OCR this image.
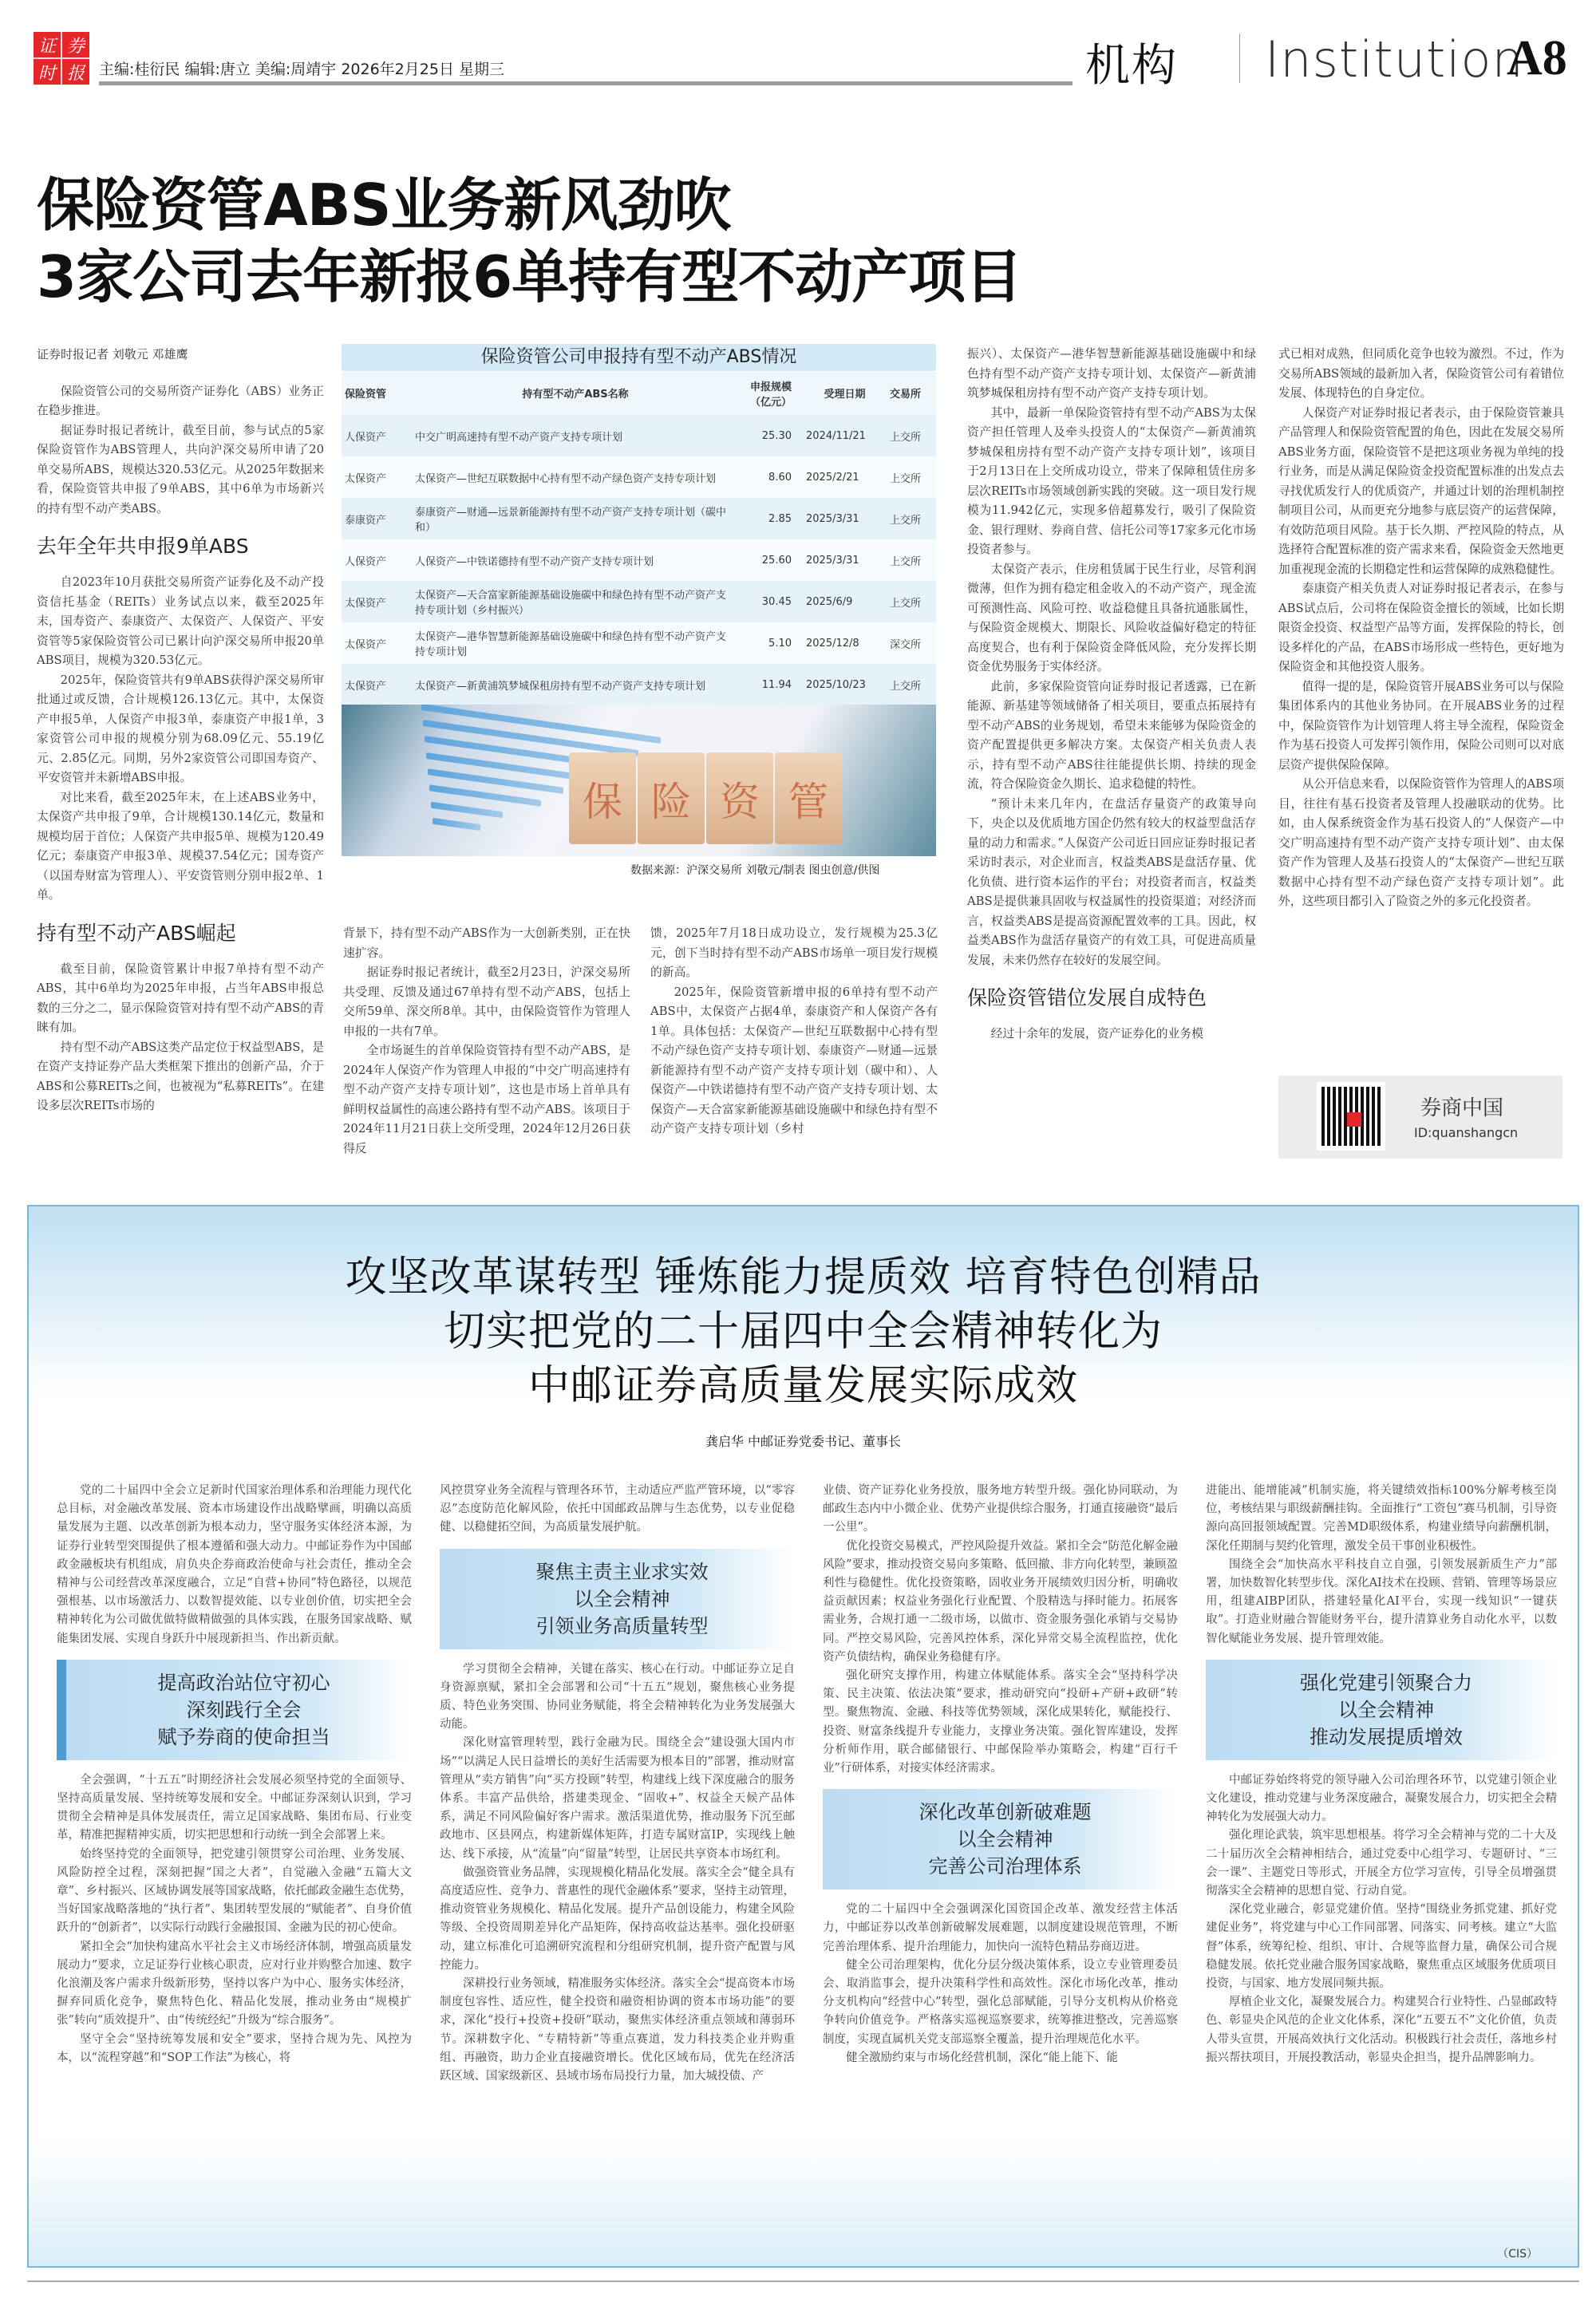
证 券
时 报 主编:桂衍民 编辑:唐立 美编:周靖宇 2026年2月25日 星期三	机构 Institution
A8
保险资管ABS业务新风劲吹
3家公司去年新报6单持有型不动产项目

证券时报记者 刘敬元 邓雄鹰

保险资管公司的交易所资产证券化（ABS）业务正在稳步推进。

据证券时报记者统计，截至目前，参与试点的5家保险资管作为ABS管理人，共向沪深交易所申请了20单交易所ABS，规模达320.53亿元。从2025年数据来看，保险资管共申报了9单ABS，其中6单为市场新兴的持有型不动产类ABS。

去年全年共申报9单ABS

自2023年10月获批交易所资产证券化及不动产投资信托基金（REITs）业务试点以来，截至2025年末，国寿资产、泰康资产、太保资产、人保资产、平安资管等5家保险资管公司已累计向沪深交易所申报20单ABS项目，规模为320.53亿元。

2025年，保险资管共有9单ABS获得沪深交易所审批通过或反馈，合计规模126.13亿元。其中，太保资产申报5单，人保资产申报3单，泰康资产申报1单，3家资管公司申报的规模分别为68.09亿元、55.19亿元、2.85亿元。同期，另外2家资管公司即国寿资产、平安资管并未新增ABS申报。

对比来看，截至2025年末，在上述ABS业务中，太保资产共申报了9单，合计规模130.14亿元，数量和规模均居于首位；人保资产共申报5单、规模为120.49亿元；泰康资产申报3单、规模37.54亿元；国寿资产（以国寿财富为管理人）、平安资管则分别申报2单、1单。

持有型不动产ABS崛起

截至目前，保险资管累计申报7单持有型不动产ABS，其中6单均为2025年申报，占当年ABS申报总数的三分之二，显示保险资管对持有型不动产ABS的青睐有加。

持有型不动产ABS这类产品定位于权益型ABS，是在资产支持证券产品大类框架下推出的创新产品，介于ABS和公募REITs之间，也被视为“私募REITs”。在建设多层次REITs市场的

保险资管公司申报持有型不动产ABS情况
保险资管	持有型不动产ABS名称	申报规模（亿元）	受理日期	交易所
人保资产	中交广明高速持有型不动产资产支持专项计划	25.30	2024/11/21	上交所
太保资产	太保资产—世纪互联数据中心持有型不动产绿色资产支持专项计划	8.60	2025/2/21	上交所
泰康资产	泰康资产—财通—远景新能源持有型不动产资产支持专项计划（碳中和）	2.85	2025/3/31	上交所
人保资产	人保资产—中铁诺德持有型不动产资产支持专项计划	25.60	2025/3/31	上交所
太保资产	太保资产—天合富家新能源基础设施碳中和绿色持有型不动产资产支持专项计划（乡村振兴）	30.45	2025/6/9	上交所
太保资产	太保资产—港华智慧新能源基础设施碳中和绿色持有型不动产资产支持专项计划	5.10	2025/12/8	深交所
太保资产	太保资产—新黄浦筑梦城保租房持有型不动产资产支持专项计划	11.94	2025/10/23	上交所
保 险 资 管
数据来源：沪深交易所 刘敬元/制表 图虫创意/供图

背景下，持有型不动产ABS作为一大创新类别，正在快速扩容。

据证券时报记者统计，截至2月23日，沪深交易所共受理、反馈及通过67单持有型不动产ABS，包括上交所59单、深交所8单。其中，由保险资管作为管理人申报的一共有7单。

全市场诞生的首单保险资管持有型不动产ABS，是2024年人保资产作为管理人申报的“中交广明高速持有型不动产资产支持专项计划”，这也是市场上首单具有鲜明权益属性的高速公路持有型不动产ABS。该项目于2024年11月21日获上交所受理，2024年12月26日获得反

馈，2025年7月18日成功设立，发行规模为25.3亿元，创下当时持有型不动产ABS市场单一项目发行规模的新高。

2025年，保险资管新增申报的6单持有型不动产ABS中，太保资产占据4单，泰康资产和人保资产各有1单。具体包括：太保资产—世纪互联数据中心持有型不动产绿色资产支持专项计划、泰康资产—财通—远景新能源持有型不动产资产支持专项计划（碳中和）、人保资产—中铁诺德持有型不动产资产支持专项计划、太保资产—天合富家新能源基础设施碳中和绿色持有型不动产资产支持专项计划（乡村

振兴）、太保资产—港华智慧新能源基础设施碳中和绿色持有型不动产资产支持专项计划、太保资产—新黄浦筑梦城保租房持有型不动产资产支持专项计划。

其中，最新一单保险资管持有型不动产ABS为太保资产担任管理人及牵头投资人的“太保资产—新黄浦筑梦城保租房持有型不动产资产支持专项计划”，该项目于2月13日在上交所成功设立，带来了保障租赁住房多层次REITs市场领域创新实践的突破。这一项目发行规模为11.942亿元，实现多倍超募发行，吸引了保险资金、银行理财、券商自营、信托公司等17家多元化市场投资者参与。

太保资产表示，住房租赁属于民生行业，尽管利润微薄，但作为拥有稳定租金收入的不动产资产，现金流可预测性高、风险可控、收益稳健且具备抗通胀属性，与保险资金规模大、期限长、风险收益偏好稳定的特征高度契合，也有利于保险资金降低风险，充分发挥长期资金优势服务于实体经济。

此前，多家保险资管向证券时报记者透露，已在新能源、新基建等领域储备了相关项目，要重点拓展持有型不动产ABS的业务规划，希望未来能够为保险资金的资产配置提供更多解决方案。太保资产相关负责人表示，持有型不动产ABS往往能提供长期、持续的现金流，符合保险资金久期长、追求稳健的特性。

“预计未来几年内，在盘活存量资产的政策导向下，央企以及优质地方国企仍然有较大的权益型盘活存量的动力和需求。”人保资产公司近日回应证券时报记者采访时表示，对企业而言，权益类ABS是盘活存量、优化负债、进行资本运作的平台；对投资者而言，权益类ABS是提供兼具固收与权益属性的投资渠道；对经济而言，权益类ABS是提高资源配置效率的工具。因此，权益类ABS作为盘活存量资产的有效工具，可促进高质量发展，未来仍然存在较好的发展空间。

保险资管错位发展自成特色

经过十余年的发展，资产证券化的业务模

式已相对成熟，但同质化竞争也较为激烈。不过，作为交易所ABS领域的最新加入者，保险资管公司有着错位发展、体现特色的自身定位。

人保资产对证券时报记者表示，由于保险资管兼具产品管理人和保险资管配置的角色，因此在发展交易所ABS业务方面，保险资管不是把这项业务视为单纯的投行业务，而是从满足保险资金投资配置标准的出发点去寻找优质发行人的优质资产，并通过计划的治理机制控制项目公司，从而更充分地参与底层资产的运营保障，有效防范项目风险。基于长久期、严控风险的特点，从选择符合配置标准的资产需求来看，保险资金天然地更加重视现金流的长期稳定性和运营保障的成熟稳健性。

泰康资产相关负责人对证券时报记者表示，在参与ABS试点后，公司将在保险资金擅长的领域，比如长期限资金投资、权益型产品等方面，发挥保险的特长，创设多样化的产品，在ABS市场形成一些特色，更好地为保险资金和其他投资人服务。

值得一提的是，保险资管开展ABS业务可以与保险集团体系内的其他业务协同。在开展ABS业务的过程中，保险资管作为计划管理人将主导全流程，保险资金作为基石投资人可发挥引领作用，保险公司则可以对底层资产提供保险保障。

从公开信息来看，以保险资管作为管理人的ABS项目，往往有基石投资者及管理人投融联动的优势。比如，由人保系统资金作为基石投资人的“人保资产—中交广明高速持有型不动产资产支持专项计划”、由太保资产作为管理人及基石投资人的“太保资产—世纪互联数据中心持有型不动产绿色资产支持专项计划”。此外，这些项目都引入了险资之外的多元化投资者。

券商中国
ID:quanshangcn
攻坚改革谋转型 锤炼能力提质效 培育特色创精品
切实把党的二十届四中全会精神转化为
中邮证券高质量发展实际成效
龚启华 中邮证券党委书记、董事长

党的二十届四中全会立足新时代国家治理体系和治理能力现代化总目标，对金融改革发展、资本市场建设作出战略擘画，明确以高质量发展为主题、以改革创新为根本动力，坚守服务实体经济本源，为证券行业转型突围提供了根本遵循和强大动力。中邮证券作为中国邮政金融板块有机组成，肩负央企券商政治使命与社会责任，推动全会精神与公司经营改革深度融合，立足“自营+协同”特色路径，以规范强根基、以市场激活力、以数智提效能、以专业创价值，切实把全会精神转化为公司做优做特做精做强的具体实践，在服务国家战略、赋能集团发展、实现自身跃升中展现新担当、作出新贡献。

提高政治站位守初心
深刻践行全会
赋予券商的使命担当

全会强调，“十五五”时期经济社会发展必须坚持党的全面领导、坚持高质量发展、坚持统筹发展和安全。中邮证券深刻认识到，学习贯彻全会精神是具体发展责任，需立足国家战略、集团布局、行业变革，精准把握精神实质，切实把思想和行动统一到全会部署上来。

始终坚持党的全面领导，把党建引领贯穿公司治理、业务发展、风险防控全过程，深刻把握“国之大者”，自觉融入金融“五篇大文章”、乡村振兴、区域协调发展等国家战略，依托邮政金融生态优势，当好国家战略落地的“执行者”、集团转型发展的“赋能者”、自身价值跃升的“创新者”，以实际行动践行金融报国、金融为民的初心使命。

紧扣全会“加快构建高水平社会主义市场经济体制，增强高质量发展动力”要求，立足证券行业核心职责，应对行业并购整合加速、数字化浪潮及客户需求升级新形势，坚持以客户为中心、服务实体经济，摒弃同质化竞争，聚焦特色化、精品化发展，推动业务由“规模扩张”转向“质效提升”、由“传统经纪”升级为“综合服务”。

坚守全会“坚持统筹发展和安全”要求，坚持合规为先、风控为本，以“流程穿越”和“SOP工作法”为核心，将

风控贯穿业务全流程与管理各环节，主动适应严监严管环境，以“零容忍”态度防范化解风险，依托中国邮政品牌与生态优势，以专业促稳健、以稳健拓空间，为高质量发展护航。

聚焦主责主业求实效
以全会精神
引领业务高质量转型

学习贯彻全会精神，关键在落实、核心在行动。中邮证券立足自身资源禀赋，紧扣全会部署和公司“十五五”规划，聚焦核心业务提质、特色业务突围、协同业务赋能，将全会精神转化为业务发展强大动能。

深化财富管理转型，践行金融为民。围绕全会“建设强大国内市场”“以满足人民日益增长的美好生活需要为根本目的”部署，推动财富管理从“卖方销售”向“买方投顾”转型，构建线上线下深度融合的服务体系。丰富产品供给，搭建类现金、“固收+”、权益全天候产品体系，满足不同风险偏好客户需求。激活渠道优势，推动服务下沉至邮政地市、区县网点，构建新媒体矩阵，打造专属财富IP，实现线上触达、线下承接，从“流量”向“留量”转型，让居民共享资本市场红利。

做强资管业务品牌，实现规模化精品化发展。落实全会“健全具有高度适应性、竞争力、普惠性的现代金融体系”要求，坚持主动管理，推动资管业务规模化、精品化发展。提升产品创设能力，构建全风险等级、全投资周期差异化产品矩阵，保持高收益达基率。强化投研驱动，建立标准化可追溯研究流程和分组研究机制，提升资产配置与风控能力。

深耕投行业务领域，精准服务实体经济。落实全会“提高资本市场制度包容性、适应性，健全投资和融资相协调的资本市场功能”的要求，深化“投行+投资+投研”联动，聚焦实体经济重点领域和薄弱环节。深耕数字化、“专精特新”等重点赛道，发力科技类企业并购重组、再融资，助力企业直接融资增长。优化区域布局，优先在经济活跃区域、国家级新区、县域市场布局投行力量，加大城投债、产

业债、资产证券化业务投放，服务地方转型升级。强化协同联动，为邮政生态内中小微企业、优势产业提供综合服务，打通直接融资“最后一公里”。

优化投资交易模式，严控风险提升效益。紧扣全会“防范化解金融风险”要求，推动投资交易向多策略、低回撤、非方向化转型，兼顾盈利性与稳健性。优化投资策略，固收业务开展绩效归因分析，明确收益贡献因素；权益业务强化行业配置、个股精选与择时能力。拓展客需业务，合规打通一二级市场，以做市、资金服务强化承销与交易协同。严控交易风险，完善风控体系，深化异常交易全流程监控，优化资产负债结构，确保业务稳健有序。

强化研究支撑作用，构建立体赋能体系。落实全会“坚持科学决策、民主决策、依法决策”要求，推动研究向“投研+产研+政研”转型。聚焦物流、金融、科技等优势领域，深化成果转化，赋能投行、投资、财富条线提升专业能力，支撑业务决策。强化智库建设，发挥分析师作用，联合邮储银行、中邮保险举办策略会，构建“百行千业”行研体系，对接实体经济需求。

深化改革创新破难题
以全会精神
完善公司治理体系

党的二十届四中全会强调深化国资国企改革、激发经营主体活力，中邮证券以改革创新破解发展难题，以制度建设规范管理，不断完善治理体系、提升治理能力，加快向一流特色精品券商迈进。

健全公司治理架构，优化分层分级决策体系，设立专业管理委员会、取消监事会，提升决策科学性和高效性。深化市场化改革，推动分支机构向“经营中心”转型，强化总部赋能，引导分支机构从价格竞争转向价值竞争。严格落实巡视巡察要求，统筹推进整改，完善巡察制度，实现直属机关党支部巡察全覆盖，提升治理规范化水平。

健全激励约束与市场化经营机制，深化“能上能下、能

进能出、能增能减”机制实施，将关键绩效指标100%分解考核至岗位，考核结果与职级薪酬挂钩。全面推行“工资包”赛马机制，引导资源向高回报领域配置。完善MD职级体系，构建业绩导向薪酬机制，深化任期制与契约化管理，激发全员干事创业积极性。

围绕全会“加快高水平科技自立自强，引领发展新质生产力”部署，加快数智化转型步伐。深化AI技术在投顾、营销、管理等场景应用，组建AIBP团队，搭建轻量化AI平台，实现一线知识“一键获取”。打造业财融合智能财务平台，提升清算业务自动化水平，以数智化赋能业务发展、提升管理效能。

强化党建引领聚合力
以全会精神
推动发展提质增效

中邮证券始终将党的领导融入公司治理各环节，以党建引领企业文化建设，推动党建与业务深度融合，凝聚发展合力，切实把全会精神转化为发展强大动力。

强化理论武装，筑牢思想根基。将学习全会精神与党的二十大及二十届历次全会精神相结合，通过党委中心组学习、专题研讨、“三会一课”、主题党日等形式，开展全方位学习宣传，引导全员增强贯彻落实全会精神的思想自觉、行动自觉。

深化党业融合，彰显党建价值。坚持“围绕业务抓党建、抓好党建促业务”，将党建与中心工作同部署、同落实、同考核。建立“大监督”体系，统筹纪检、组织、审计、合规等监督力量，确保公司合规稳健发展。依托党业融合服务国家战略，聚焦重点区域服务优质项目投资，与国家、地方发展同频共振。

厚植企业文化，凝聚发展合力。构建契合行业特性、凸显邮政特色、彰显央企风范的企业文化体系，深化“五要五不”文化价值，负责人带头宣贯，开展高效执行文化活动。积极践行社会责任，落地乡村振兴帮扶项目，开展投教活动，彰显央企担当，提升品牌影响力。

（CIS）
